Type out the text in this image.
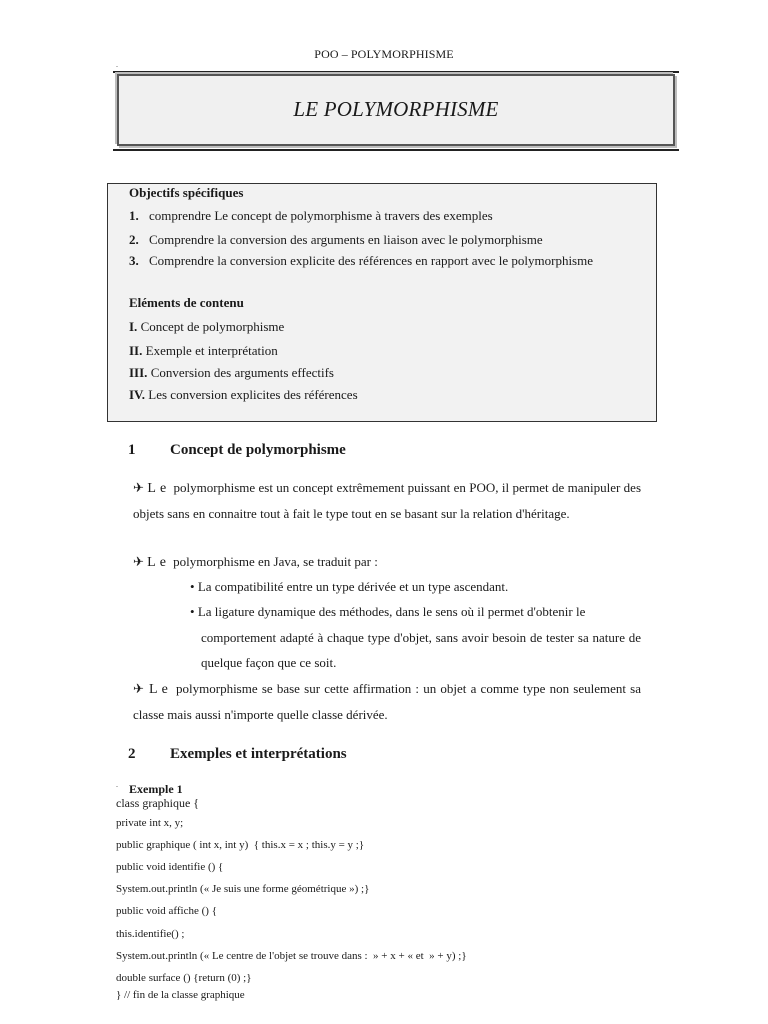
POO – POLYMORPHISME
.
LE POLYMORPHISME
Objectifs spécifiques
1. comprendre Le concept de polymorphisme à travers des exemples
2. Comprendre la conversion des arguments en liaison avec le polymorphisme
3. Comprendre la conversion explicite des références en rapport avec le polymorphisme
Eléments de contenu
I. Concept de polymorphisme
II. Exemple et interprétation
III. Conversion des arguments effectifs
IV. Les conversion explicites des références
1 Concept de polymorphisme
✈ Le polymorphisme est un concept extrêmement puissant en POO, il permet de manipuler des objets sans en connaitre tout à fait le type tout en se basant sur la relation d'héritage.
✈ Le polymorphisme en Java, se traduit par :
• La compatibilité entre un type dérivée et un type ascendant.
• La ligature dynamique des méthodes, dans le sens où il permet d'obtenir le
comportement adapté à chaque type d'objet, sans avoir besoin de tester sa nature de quelque façon que ce soit.
✈ Le polymorphisme se base sur cette affirmation : un objet a comme type non seulement sa classe mais aussi n'importe quelle classe dérivée.
2 Exemples et interprétations
. Exemple 1
class graphique {
private int x, y;
public graphique ( int x, int y)  { this.x = x ; this.y = y ;}
public void identifie () {
System.out.println (« Je suis une forme géométrique ») ;}
public void affiche () {
this.identifie() ;
System.out.println (« Le centre de l'objet se trouve dans :  » + x + « et  » + y) ;}
double surface () {return (0) ;}
} // fin de la classe graphique
